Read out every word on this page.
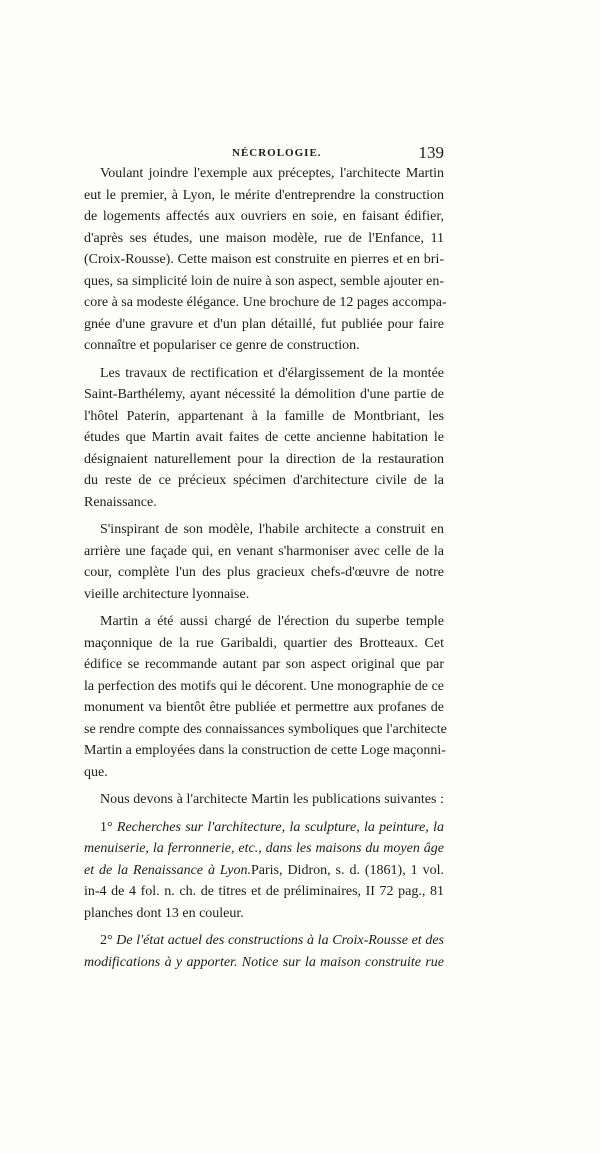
NÉCROLOGIE.	139

Voulant joindre l'exemple aux préceptes, l'architecte Martin
eut le premier, à Lyon, le mérite d'entreprendre la construction
de logements affectés aux ouvriers en soie, en faisant édifier,
d'après ses études, une maison modèle, rue de l'Enfance, 11
(Croix-Rousse). Cette maison est construite en pierres et en bri-
ques, sa simplicité loin de nuire à son aspect, semble ajouter en-
core à sa modeste élégance. Une brochure de 12 pages accompa-
gnée d'une gravure et d'un plan détaillé, fut publiée pour faire
connaître et populariser ce genre de construction.

Les travaux de rectification et d'élargissement de la montée
Saint-Barthélemy, ayant nécessité la démolition d'une partie de
l'hôtel Paterin, appartenant à la famille de Montbriant, les
études que Martin avait faites de cette ancienne habitation le
désignaient naturellement pour la direction de la restauration
du reste de ce précieux spécimen d'architecture civile de la
Renaissance.

S'inspirant de son modèle, l'habile architecte a construit en
arrière une façade qui, en venant s'harmoniser avec celle de la
cour, complète l'un des plus gracieux chefs-d'œuvre de notre
vieille architecture lyonnaise.

Martin a été aussi chargé de l'érection du superbe temple
maçonnique de la rue Garibaldi, quartier des Brotteaux. Cet
édifice se recommande autant par son aspect original que par
la perfection des motifs qui le décorent. Une monographie de ce
monument va bientôt être publiée et permettre aux profanes de
se rendre compte des connaissances symboliques que l'architecte
Martin a employées dans la construction de cette Loge maçonni-
que.

Nous devons à l'architecte Martin les publications suivantes :

1° Recherches sur l'architecture, la sculpture, la peinture, la
menuiserie, la ferronnerie, etc., dans les maisons du moyen âge
et de la Renaissance à Lyon.Paris, Didron, s. d. (1861), 1 vol.
in-4 de 4 fol. n. ch. de titres et de préliminaires, II 72 pag., 81
planches dont 13 en couleur.

2° De l'état actuel des constructions à la Croix-Rousse et des
modifications à y apporter. Notice sur la maison construite rue
